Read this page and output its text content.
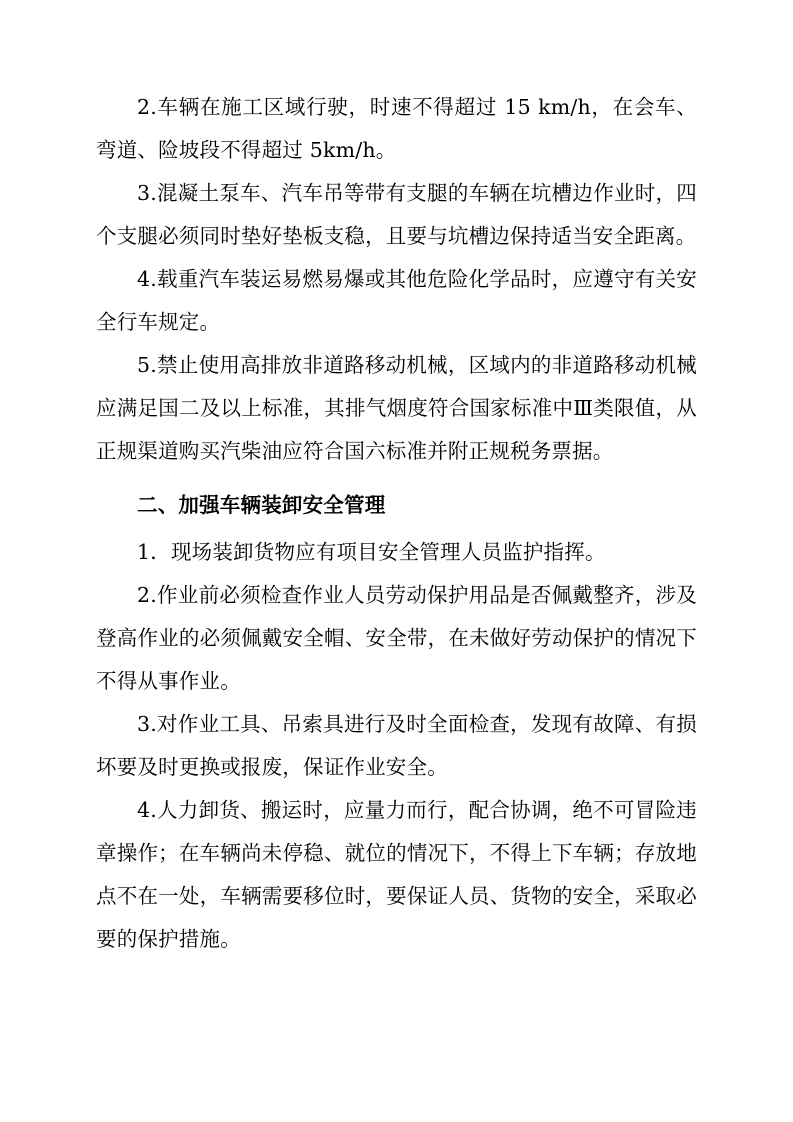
2.车辆在施工区域行驶，时速不得超过 15 km/h，在会车、弯道、险坡段不得超过 5km/h。

3.混凝土泵车、汽车吊等带有支腿的车辆在坑槽边作业时，四个支腿必须同时垫好垫板支稳，且要与坑槽边保持适当安全距离。

4.载重汽车装运易燃易爆或其他危险化学品时，应遵守有关安全行车规定。

5.禁止使用高排放非道路移动机械，区域内的非道路移动机械应满足国二及以上标准，其排气烟度符合国家标准中Ⅲ类限值，从正规渠道购买汽柴油应符合国六标准并附正规税务票据。

二、加强车辆装卸安全管理

1．现场装卸货物应有项目安全管理人员监护指挥。

2.作业前必须检查作业人员劳动保护用品是否佩戴整齐，涉及登高作业的必须佩戴安全帽、安全带，在未做好劳动保护的情况下不得从事作业。

3.对作业工具、吊索具进行及时全面检查，发现有故障、有损坏要及时更换或报废，保证作业安全。

4.人力卸货、搬运时，应量力而行，配合协调，绝不可冒险违章操作；在车辆尚未停稳、就位的情况下，不得上下车辆；存放地点不在一处，车辆需要移位时，要保证人员、货物的安全，采取必要的保护措施。
